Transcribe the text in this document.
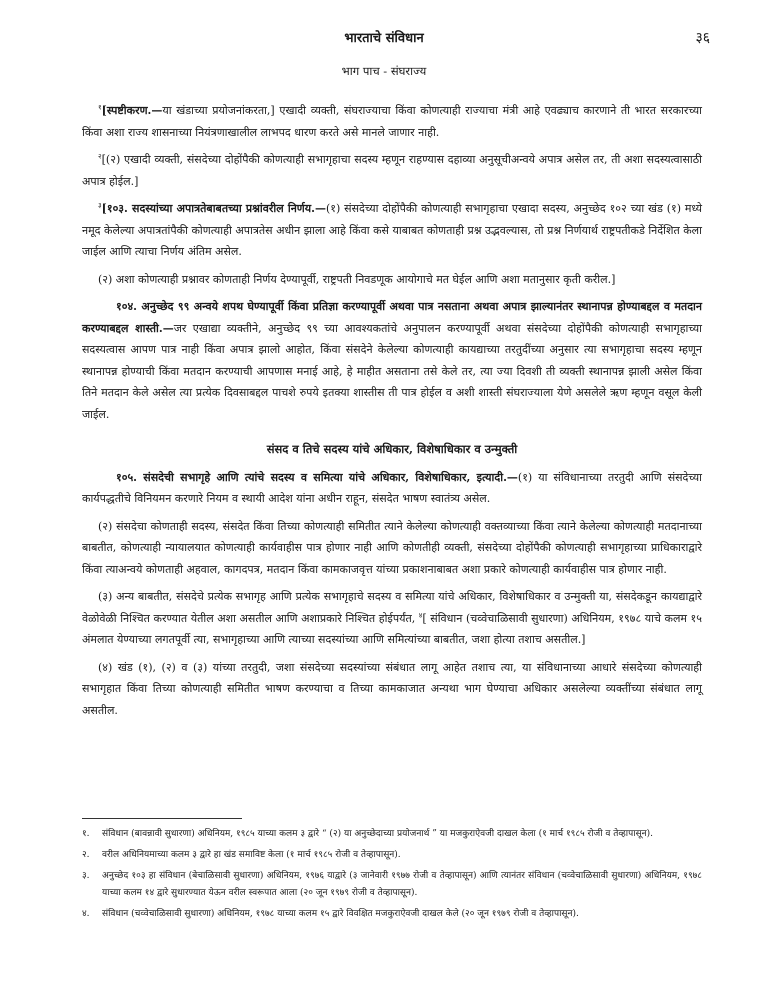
भारताचे संविधान	३६
भाग पाच - संघराज्य

$^१$[स्पष्टीकरण.—या खंडाच्या प्रयोजनांकरता,] एखादी व्यक्ती, संघराज्याचा किंवा कोणत्याही राज्याचा मंत्री आहे एवढ्याच कारणाने ती भारत सरकारच्या किंवा अशा राज्य शासनाच्या नियंत्रणाखालील लाभपद धारण करते असे मानले जाणार नाही.

$^२$[(२) एखादी व्यक्ती, संसदेच्या दोहोंपैकी कोणत्याही सभागृहाचा सदस्य म्हणून राहण्यास दहाव्या अनुसूचीअन्वये अपात्र असेल तर, ती अशा सदस्यत्वासाठी अपात्र होईल.]

$^३$[१०३. सदस्यांच्या अपात्रतेबाबतच्या प्रश्नांवरील निर्णय.—(१) संसदेच्या दोहोंपैकी कोणत्याही सभागृहाचा एखादा सदस्य, अनुच्छेद १०२ च्या खंड (१) मध्ये नमूद केलेल्या अपात्रतांपैकी कोणत्याही अपात्रतेस अधीन झाला आहे किंवा कसे याबाबत कोणताही प्रश्न उद्भवल्यास, तो प्रश्न निर्णयार्थ राष्ट्रपतीकडे निर्देशित केला जाईल आणि त्याचा निर्णय अंतिम असेल.

(२) अशा कोणत्याही प्रश्नावर कोणताही निर्णय देण्यापूर्वी, राष्ट्रपती निवडणूक आयोगाचे मत घेईल आणि अशा मतानुसार कृती करील.]

१०४. अनुच्छेद ९९ अन्वये शपथ घेण्यापूर्वी किंवा प्रतिज्ञा करण्यापूर्वी अथवा पात्र नसताना अथवा अपात्र झाल्यानंतर स्थानापन्न होण्याबद्दल व मतदान करण्याबद्दल शास्ती.—जर एखाद्या व्यक्तीने, अनुच्छेद ९९ च्या आवश्यकतांचे अनुपालन करण्यापूर्वी अथवा संसदेच्या दोहोंपैकी कोणत्याही सभागृहाच्या सदस्यत्वास आपण पात्र नाही किंवा अपात्र झालो आहोत, किंवा संसदेने केलेल्या कोणत्याही कायद्याच्या तरतुदींच्या अनुसार त्या सभागृहाचा सदस्य म्हणून स्थानापन्न होण्याची किंवा मतदान करण्याची आपणास मनाई आहे, हे माहीत असताना तसे केले तर, त्या ज्या दिवशी ती व्यक्ती स्थानापन्न झाली असेल किंवा तिने मतदान केले असेल त्या प्रत्येक दिवसाबद्दल पाचशे रुपये इतक्या शास्तीस ती पात्र होईल व अशी शास्ती संघराज्याला येणे असलेले ऋण म्हणून वसूल केली जाईल.

संसद व तिचे सदस्य यांचे अधिकार, विशेषाधिकार व उन्मुक्ती

१०५. संसदेची सभागृहे आणि त्यांचे सदस्य व समित्या यांचे अधिकार, विशेषाधिकार, इत्यादी.—(१) या संविधानाच्या तरतुदी आणि संसदेच्या कार्यपद्धतीचे विनियमन करणारे नियम व स्थायी आदेश यांना अधीन राहून, संसदेत भाषण स्वातंत्र्य असेल.

(२) संसदेचा कोणताही सदस्य, संसदेत किंवा तिच्या कोणत्याही समितीत त्याने केलेल्या कोणत्याही वक्तव्याच्या किंवा त्याने केलेल्या कोणत्याही मतदानाच्या बाबतीत, कोणत्याही न्यायालयात कोणत्याही कार्यवाहीस पात्र होणार नाही आणि कोणतीही व्यक्ती, संसदेच्या दोहोंपैकी कोणत्याही सभागृहाच्या प्राधिकाराद्वारे किंवा त्याअन्वये कोणताही अहवाल, कागदपत्र, मतदान किंवा कामकाजवृत्त यांच्या प्रकाशनाबाबत अशा प्रकारे कोणत्याही कार्यवाहीस पात्र होणार नाही.

(३) अन्य बाबतीत, संसदेचे प्रत्येक सभागृह आणि प्रत्येक सभागृहाचे सदस्य व समित्या यांचे अधिकार, विशेषाधिकार व उन्मुक्ती या, संसदेकडून कायद्याद्वारे वेळोवेळी निश्चित करण्यात येतील अशा असतील आणि अशाप्रकारे निश्चित होईपर्यंत, $^४$[ संविधान (चव्वेचाळिसावी सुधारणा) अधिनियम, १९७८ याचे कलम १५ अंमलात येण्याच्या लगतपूर्वी त्या, सभागृहाच्या आणि त्याच्या सदस्यांच्या आणि समित्यांच्या बाबतीत, जशा होत्या तशाच असतील.]

(४) खंड (१), (२) व (३) यांच्या तरतुदी, जशा संसदेच्या सदस्यांच्या संबंधात लागू आहेत तशाच त्या, या संविधानाच्या आधारे संसदेच्या कोणत्याही सभागृहात किंवा तिच्या कोणत्याही समितीत भाषण करण्याचा व तिच्या कामकाजात अन्यथा भाग घेण्याचा अधिकार असलेल्या व्यक्तींच्या संबंधात लागू असतील.

१.	संविधान (बावन्नावी सुधारणा) अधिनियम, १९८५ याच्या कलम ३ द्वारे “ (२) या अनुच्छेदाच्या प्रयोजनार्थ ” या मजकुराऐवजी दाखल केला (१ मार्च १९८५ रोजी व तेव्हापासून).
२.	वरील अधिनियमाच्या कलम ३ द्वारे हा खंड समाविष्ट केला (१ मार्च १९८५ रोजी व तेव्हापासून).
३.	अनुच्छेद १०३ हा संविधान (बेचाळिसावी सुधारणा) अधिनियम, १९७६ याद्वारे (३ जानेवारी १९७७ रोजी व तेव्हापासून) आणि त्यानंतर संविधान (चव्वेचाळिसावी सुधारणा) अधिनियम, १९७८ याच्या कलम १४ द्वारे सुधारण्यात येऊन वरील स्वरूपात आला (२० जून १९७९ रोजी व तेव्हापासून).
४.	संविधान (चव्वेचाळिसावी सुधारणा) अधिनियम, १९७८ याच्या कलम १५ द्वारे विवक्षित मजकुराऐवजी दाखल केले (२० जून १९७९ रोजी व तेव्हापासून).
